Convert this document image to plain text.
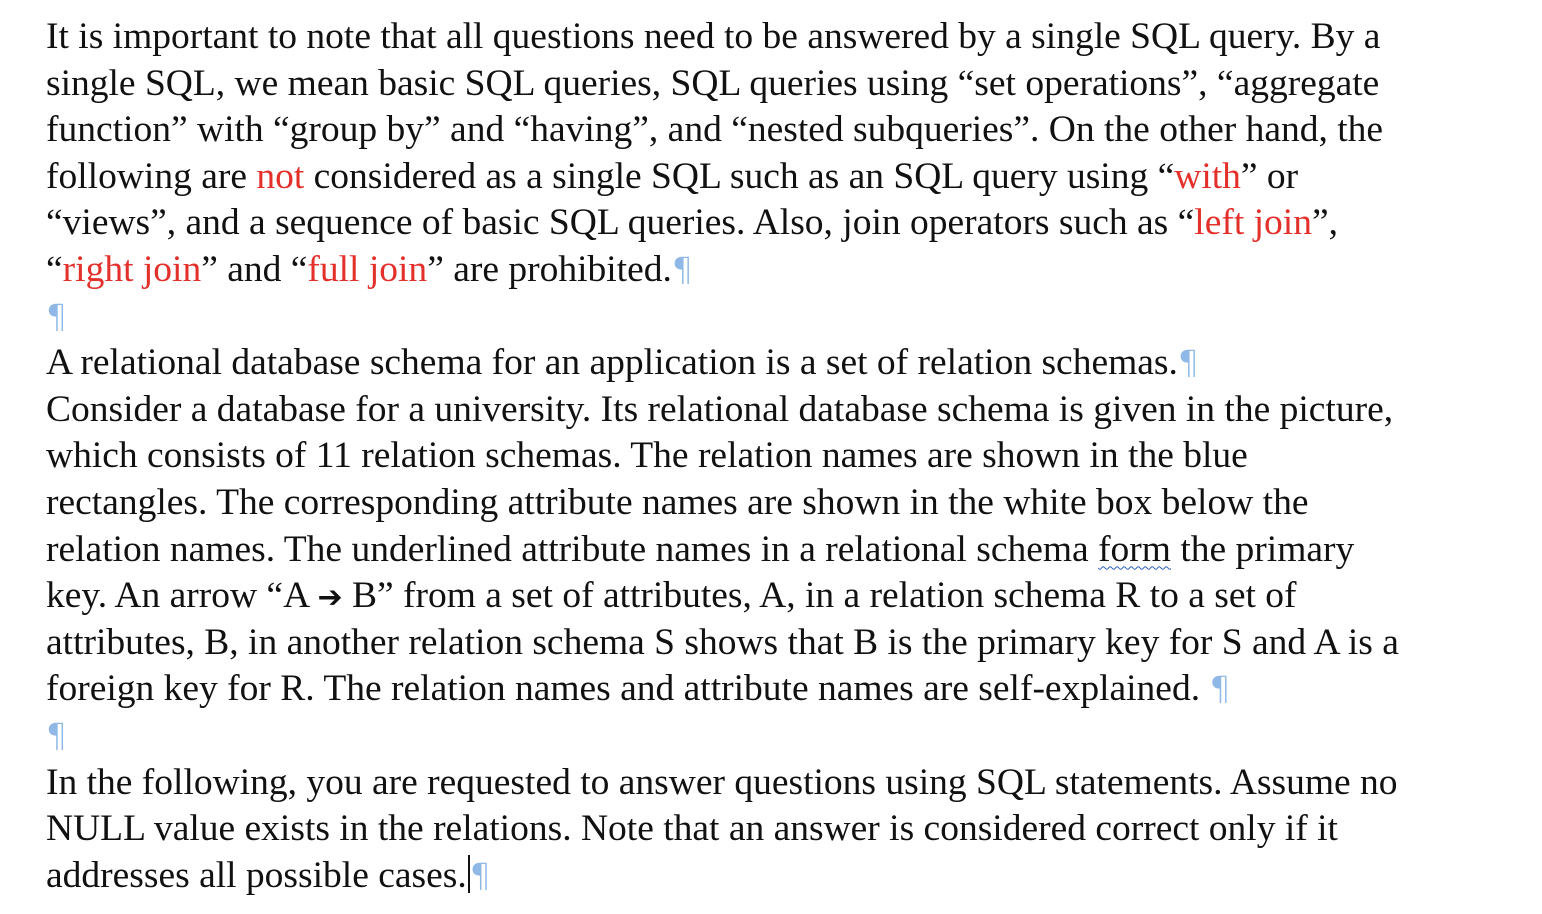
It is important to note that all questions need to be answered by a single SQL query. By a
single SQL, we mean basic SQL queries, SQL queries using “set operations”, “aggregate
function” with “group by” and “having”, and “nested subqueries”. On the other hand, the
following are not considered as a single SQL such as an SQL query using “with” or
“views”, and a sequence of basic SQL queries. Also, join operators such as “left join”,
“right join” and “full join” are prohibited.¶

¶

A relational database schema for an application is a set of relation schemas.¶

Consider a database for a university. Its relational database schema is given in the picture,
which consists of 11 relation schemas. The relation names are shown in the blue
rectangles. The corresponding attribute names are shown in the white box below the
relation names. The underlined attribute names in a relational schema form the primary
key. An arrow “A ➔ B” from a set of attributes, A, in a relation schema R to a set of
attributes, B, in another relation schema S shows that B is the primary key for S and A is a
foreign key for R. The relation names and attribute names are self-explained. ¶

¶

In the following, you are requested to answer questions using SQL statements. Assume no
NULL value exists in the relations. Note that an answer is considered correct only if it
addresses all possible cases.¶
